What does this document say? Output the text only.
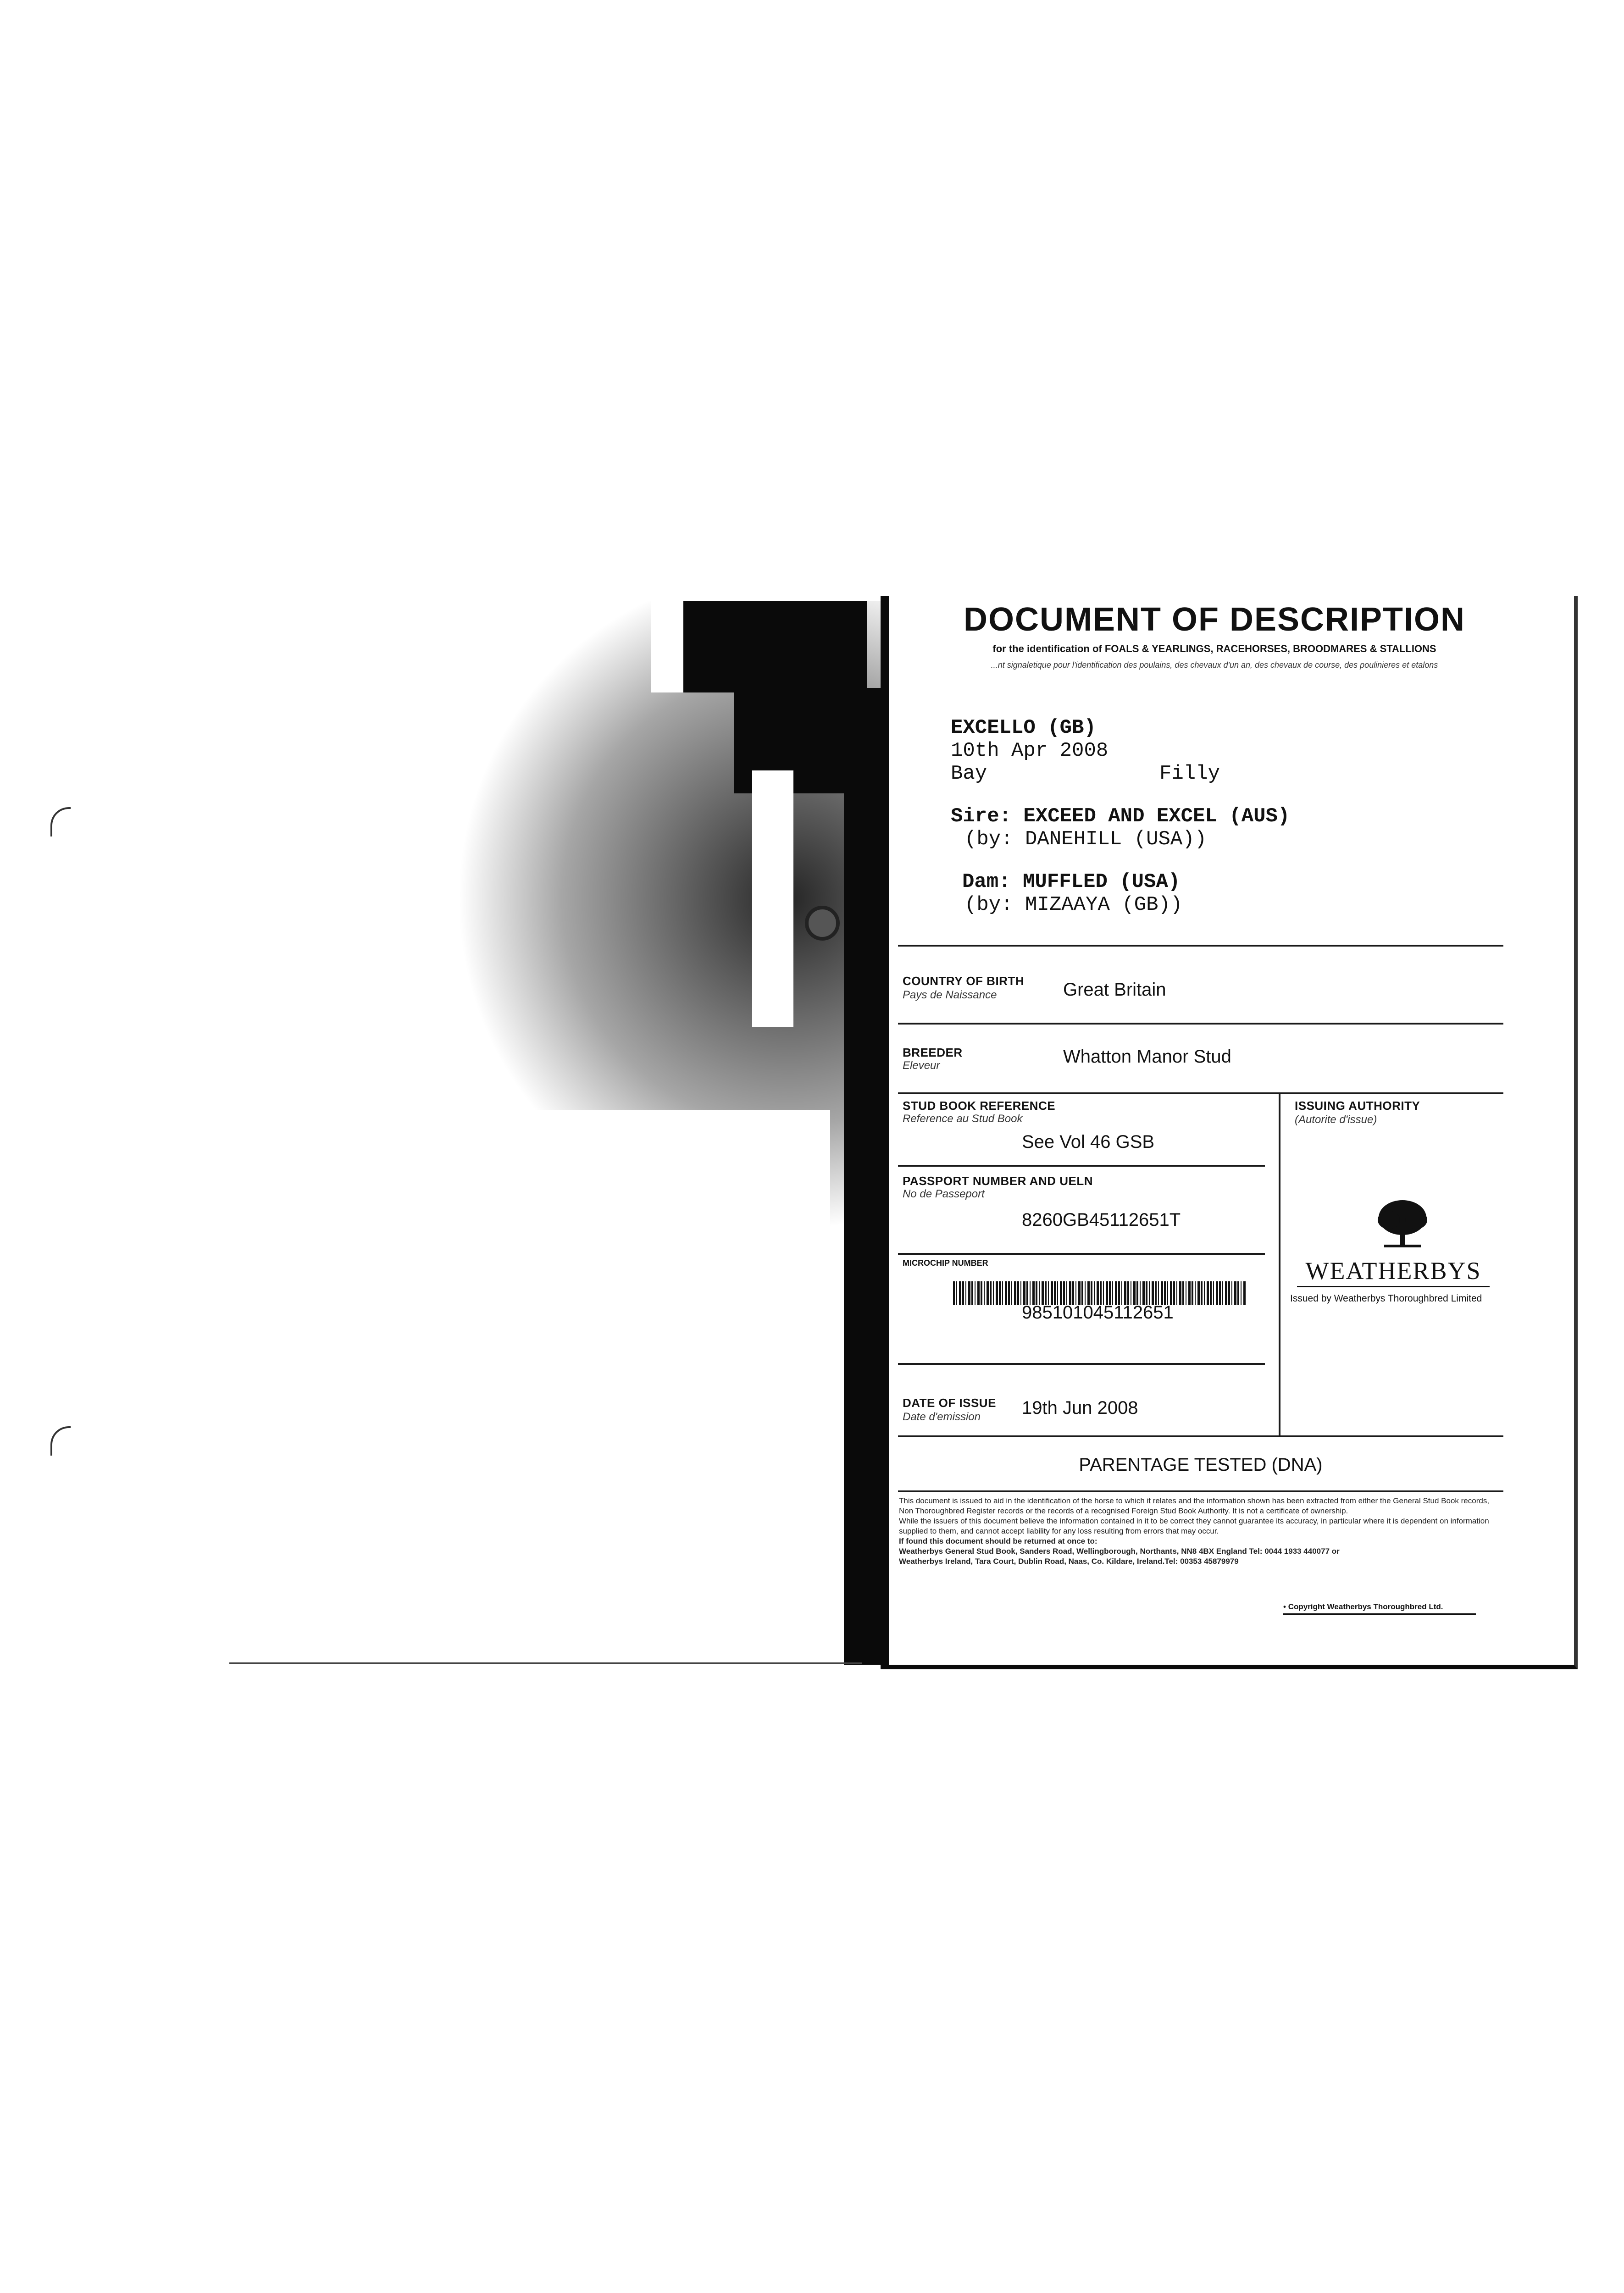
DOCUMENT OF DESCRIPTION
for the identification of FOALS & YEARLINGS, RACEHORSES, BROODMARES & STALLIONS
...nt signaletique pour l'identification des poulains, des chevaux d'un an, des chevaux de course, des poulinieres et etalons
EXCELLO (GB)
10th Apr 2008
Bay	Filly
Sire: EXCEED AND EXCEL (AUS)
(by: DANEHILL (USA))
Dam: MUFFLED (USA)
(by: MIZAAYA (GB))
COUNTRY OF BIRTH
Pays de Naissance	Great Britain
BREEDER
Eleveur	Whatton Manor Stud
STUD BOOK REFERENCE
Reference au Stud Book
See Vol 46 GSB
ISSUING AUTHORITY
(Autorite d'issue)
WEATHERBYS
Issued by Weatherbys Thoroughbred Limited
PASSPORT NUMBER AND UELN
No de Passeport
8260GB45112651T
MICROCHIP NUMBER
985101045112651
DATE OF ISSUE
Date d'emission 19th Jun 2008
PARENTAGE TESTED (DNA)
This document is issued to aid in the identification of the horse to which it relates and the information shown has been extracted from either the General Stud Book records, Non Thoroughbred Register records or the records of a recognised Foreign Stud Book Authority. It is not a certificate of ownership.
While the issuers of this document believe the information contained in it to be correct they cannot guarantee its accuracy, in particular where it is dependent on information supplied to them, and cannot accept liability for any loss resulting from errors that may occur.
If found this document should be returned at once to:
Weatherbys General Stud Book, Sanders Road, Wellingborough, Northants, NN8 4BX England Tel: 0044 1933 440077 or
Weatherbys Ireland, Tara Court, Dublin Road, Naas, Co. Kildare, Ireland.Tel: 00353 45879979
• Copyright Weatherbys Thoroughbred Ltd.
